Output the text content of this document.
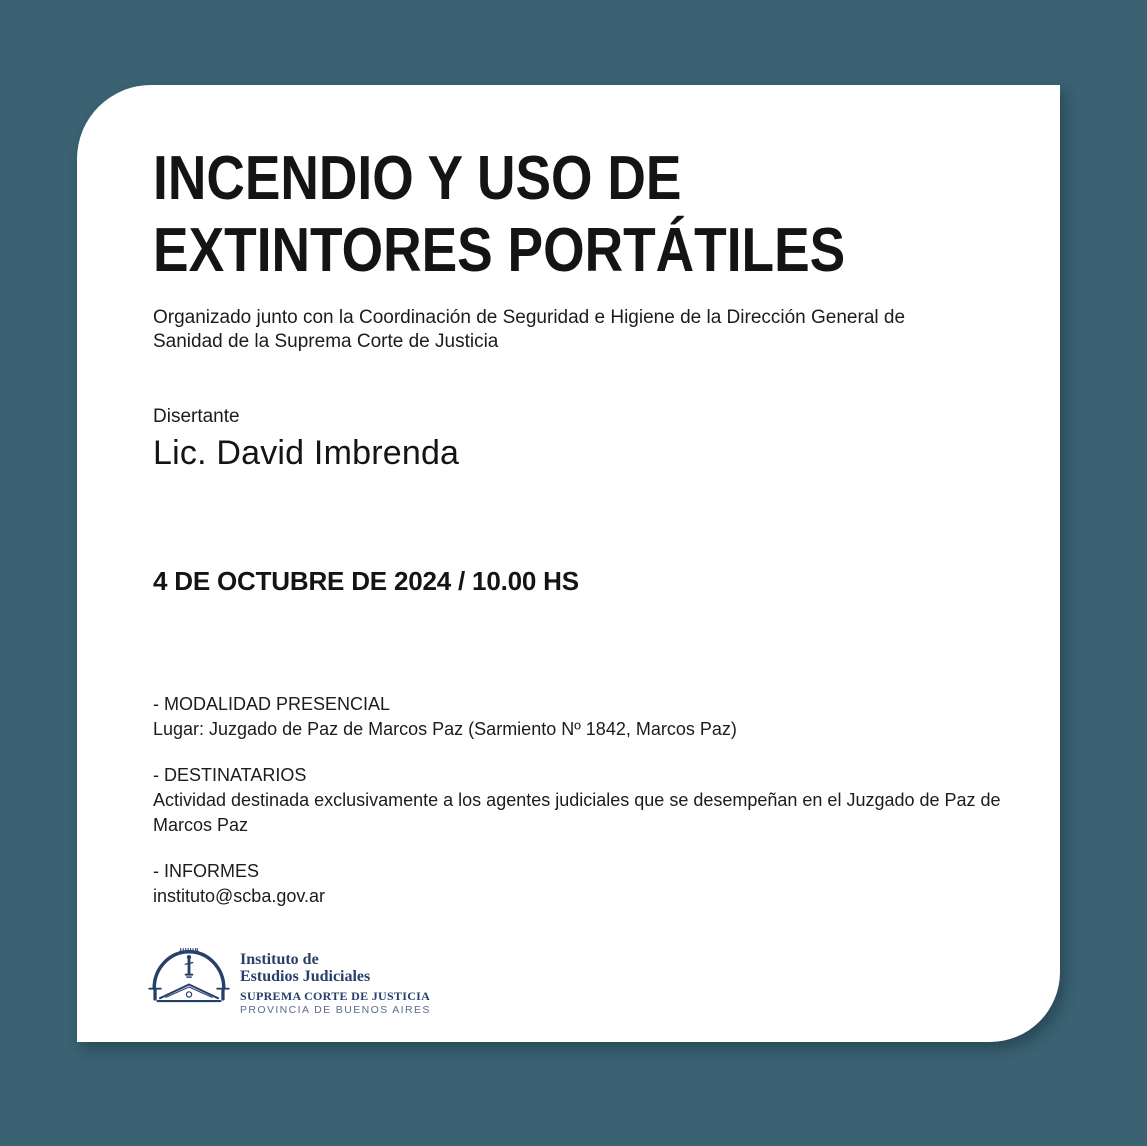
INCENDIO Y USO DE
EXTINTORES PORTÁTILES

Organizado junto con la Coordinación de Seguridad e Higiene de la Dirección General de Sanidad de la Suprema Corte de Justicia

Disertante
Lic. David Imbrenda
4 DE OCTUBRE DE 2024 / 10.00 HS
- MODALIDAD PRESENCIAL
Lugar: Juzgado de Paz de Marcos Paz (Sarmiento Nº 1842, Marcos Paz)
- DESTINATARIOS
Actividad destinada exclusivamente a los agentes judiciales que se desempeñan en el Juzgado de Paz de Marcos Paz
- INFORMES
instituto@scba.gov.ar
Instituto de
Estudios Judiciales
SUPREMA CORTE DE JUSTICIA
PROVINCIA DE BUENOS AIRES
